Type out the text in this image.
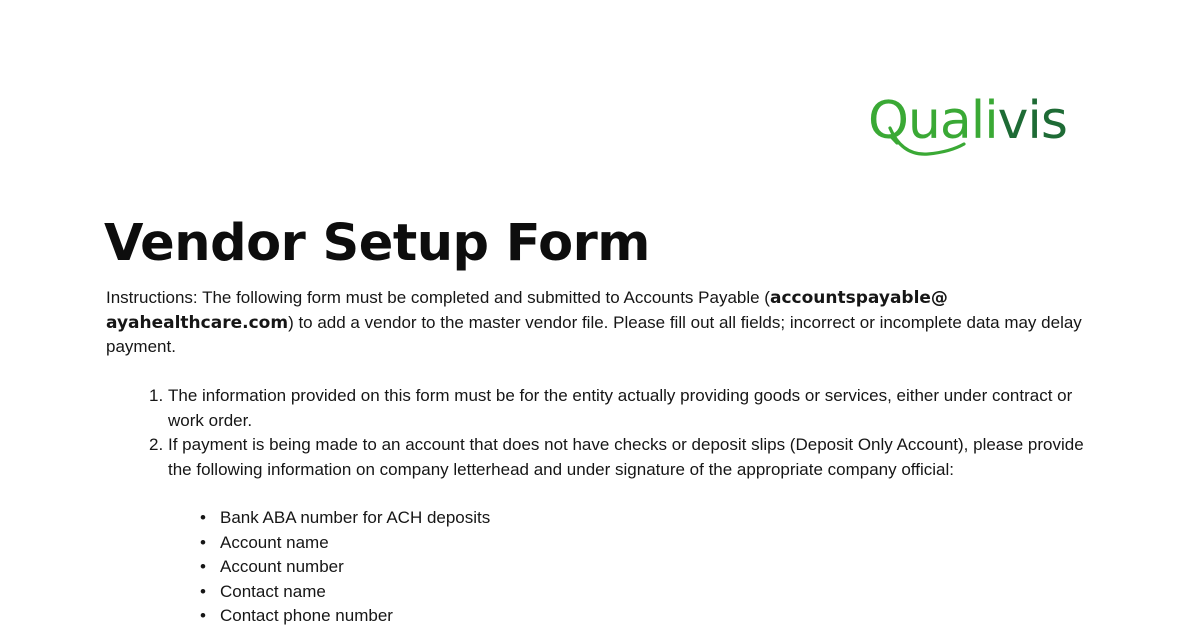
Qualivis
Vendor Setup Form
Instructions: The following form must be completed and submitted to Accounts Payable (accountspayable@ ayahealthcare.com) to add a vendor to the master vendor file. Please fill out all fields; incorrect or incomplete data may delay payment.
1. The information provided on this form must be for the entity actually providing goods or services, either under contract or work order.
2. If payment is being made to an account that does not have checks or deposit slips (Deposit Only Account), please provide the following information on company letterhead and under signature of the appropriate company official:
• Bank ABA number for ACH deposits
• Account name
• Account number
• Contact name
• Contact phone number
